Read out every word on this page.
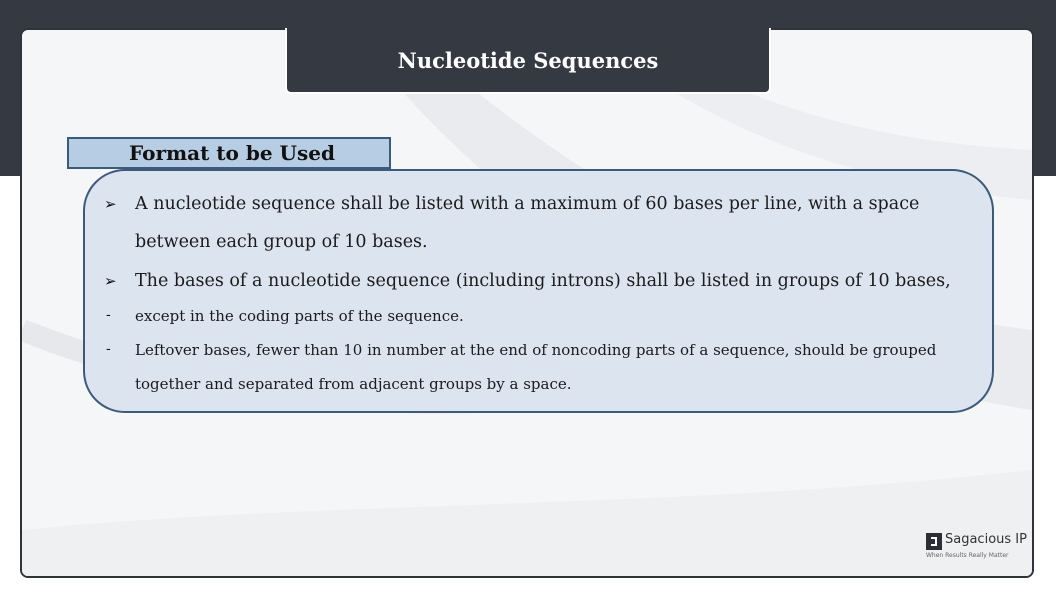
Nucleotide Sequences
Format to be Used
➢ A nucleotide sequence shall be listed with a maximum of 60 bases per line, with a space
between each group of 10 bases.
➢ The bases of a nucleotide sequence (including introns) shall be listed in groups of 10 bases,
- except in the coding parts of the sequence.
- Leftover bases, fewer than 10 in number at the end of noncoding parts of a sequence, should be grouped
together and separated from adjacent groups by a space.
Sagacious IP
When Results Really Matter
